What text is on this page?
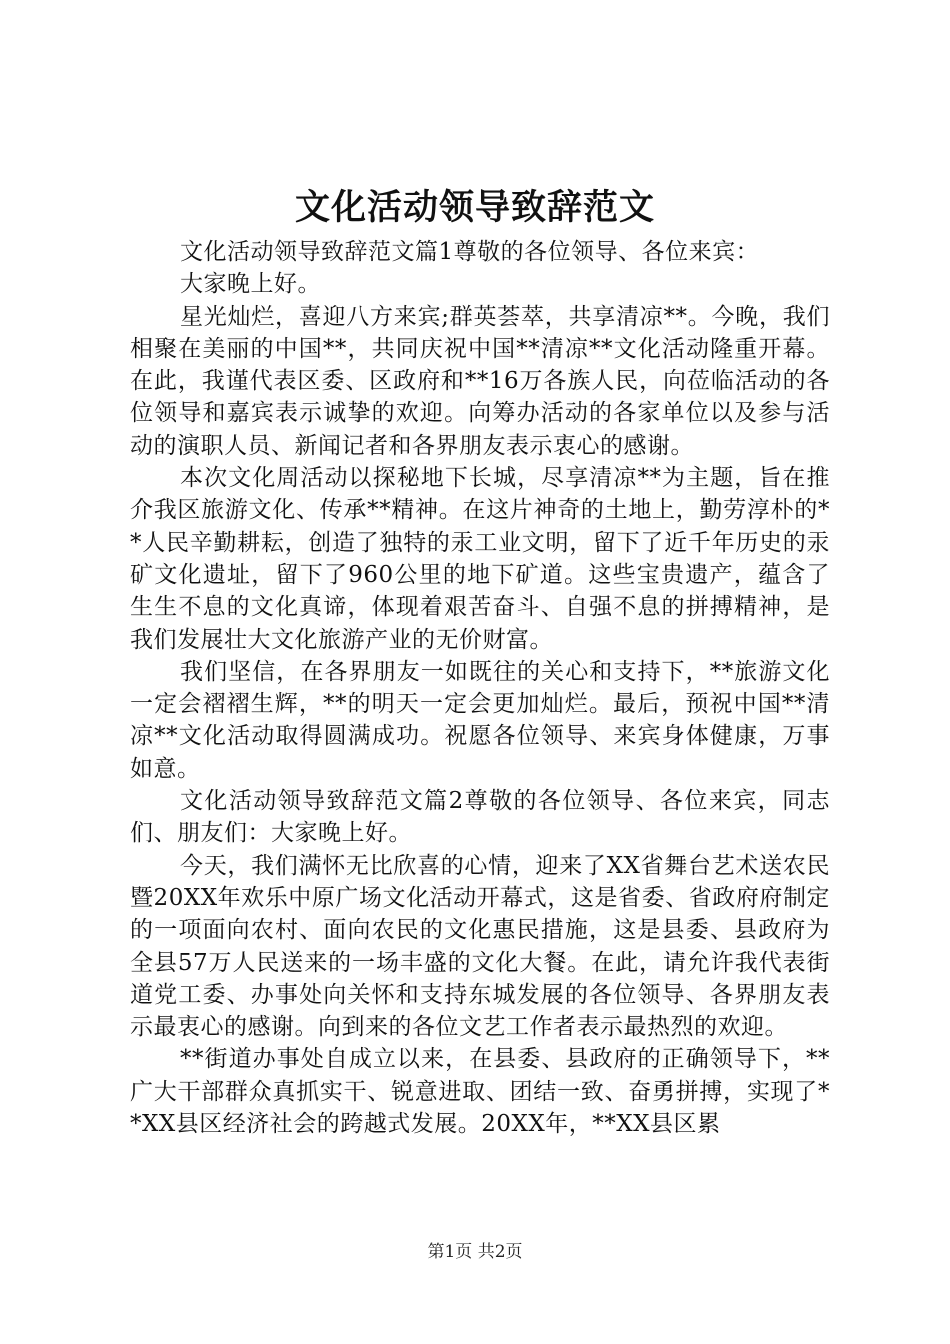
文化活动领导致辞范文

文化活动领导致辞范文篇1尊敬的各位领导、各位来宾：

大家晚上好。

星光灿烂，喜迎八方来宾;群英荟萃，共享清凉**。今晚，我们相聚在美丽的中国**，共同庆祝中国**清凉**文化活动隆重开幕。在此，我谨代表区委、区政府和**16万各族人民，向莅临活动的各位领导和嘉宾表示诚挚的欢迎。向筹办活动的各家单位以及参与活动的演职人员、新闻记者和各界朋友表示衷心的感谢。

本次文化周活动以探秘地下长城，尽享清凉**为主题，旨在推介我区旅游文化、传承**精神。在这片神奇的土地上，勤劳淳朴的**人民辛勤耕耘，创造了独特的汞工业文明，留下了近千年历史的汞矿文化遗址，留下了960公里的地下矿道。这些宝贵遗产，蕴含了生生不息的文化真谛，体现着艰苦奋斗、自强不息的拼搏精神，是我们发展壮大文化旅游产业的无价财富。

我们坚信，在各界朋友一如既往的关心和支持下，**旅游文化一定会褶褶生辉，**的明天一定会更加灿烂。最后，预祝中国**清凉**文化活动取得圆满成功。祝愿各位领导、来宾身体健康，万事如意。

文化活动领导致辞范文篇2尊敬的各位领导、各位来宾，同志们、朋友们：大家晚上好。

今天，我们满怀无比欣喜的心情，迎来了XX省舞台艺术送农民暨20XX年欢乐中原广场文化活动开幕式，这是省委、省政府府制定的一项面向农村、面向农民的文化惠民措施，这是县委、县政府为全县57万人民送来的一场丰盛的文化大餐。在此，请允许我代表街道党工委、办事处向关怀和支持东城发展的各位领导、各界朋友表示最衷心的感谢。向到来的各位文艺工作者表示最热烈的欢迎。

**街道办事处自成立以来，在县委、县政府的正确领导下，**广大干部群众真抓实干、锐意进取、团结一致、奋勇拼搏，实现了**XX县区经济社会的跨越式发展。20XX年，**XX县区累

第1页 共2页
